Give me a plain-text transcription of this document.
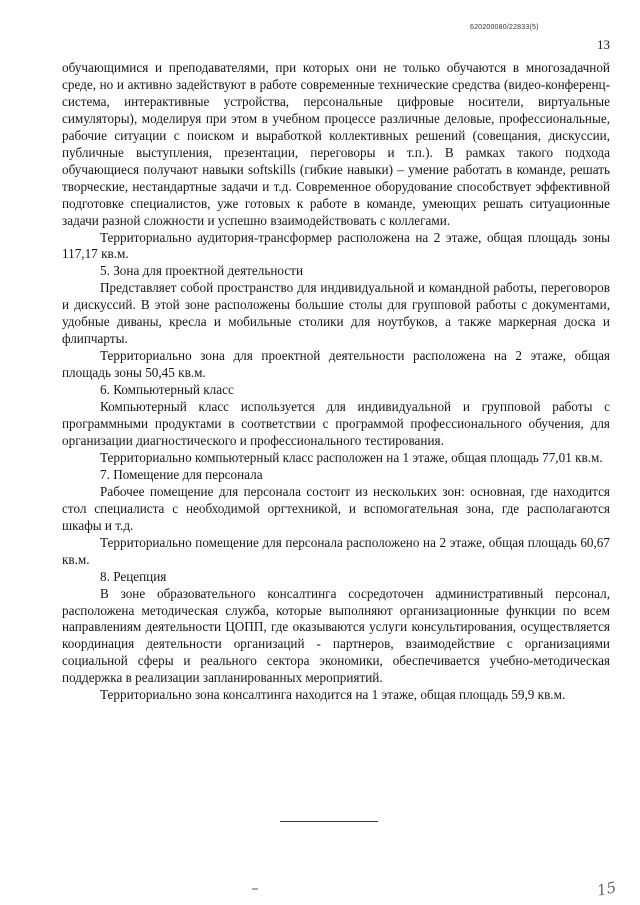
620200080/22833(5)
13

обучающимися и преподавателями, при которых они не только обучаются в многозадачной среде, но и активно задействуют в работе современные технические средства (видео-конференц-система, интерактивные устройства, персональные цифровые носители, виртуальные симуляторы), моделируя при этом в учебном процессе различные деловые, профессиональные, рабочие ситуации с поиском и выработкой коллективных решений (совещания, дискуссии, публичные выступления, презентации, переговоры и т.п.). В рамках такого подхода обучающиеся получают навыки softskills (гибкие навыки) – умение работать в команде, решать творческие, нестандартные задачи и т.д. Современное оборудование способствует эффективной подготовке специалистов, уже готовых к работе в команде, умеющих решать ситуационные задачи разной сложности и успешно взаимодействовать с коллегами.

Территориально аудитория-трансформер расположена на 2 этаже, общая площадь зоны 117,17 кв.м.

5. Зона для проектной деятельности

Представляет собой пространство для индивидуальной и командной работы, переговоров и дискуссий. В этой зоне расположены большие столы для групповой работы с документами, удобные диваны, кресла и мобильные столики для ноутбуков, а также маркерная доска и флипчарты.

Территориально зона для проектной деятельности расположена на 2 этаже, общая площадь зоны 50,45 кв.м.

6. Компьютерный класс

Компьютерный класс используется для индивидуальной и групповой работы с программными продуктами в соответствии с программой профессионального обучения, для организации диагностического и профессионального тестирования.

Территориально компьютерный класс расположен на 1 этаже, общая площадь 77,01 кв.м.

7. Помещение для персонала

Рабочее помещение для персонала состоит из нескольких зон: основная, где находится стол специалиста с необходимой оргтехникой, и вспомогательная зона, где располагаются шкафы и т.д.

Территориально помещение для персонала расположено на 2 этаже, общая площадь 60,67 кв.м.

8. Рецепция

В зоне образовательного консалтинга сосредоточен административный персонал, расположена методическая служба, которые выполняют организационные функции по всем направлениям деятельности ЦОПП, где оказываются услуги консультирования, осуществляется координация деятельности организаций - партнеров, взаимодействие с организациями социальной сферы и реального сектора экономики, обеспечивается учебно-методическая поддержка в реализации запланированных мероприятий.

Территориально зона консалтинга находится на 1 этаже, общая площадь 59,9 кв.м.

15
